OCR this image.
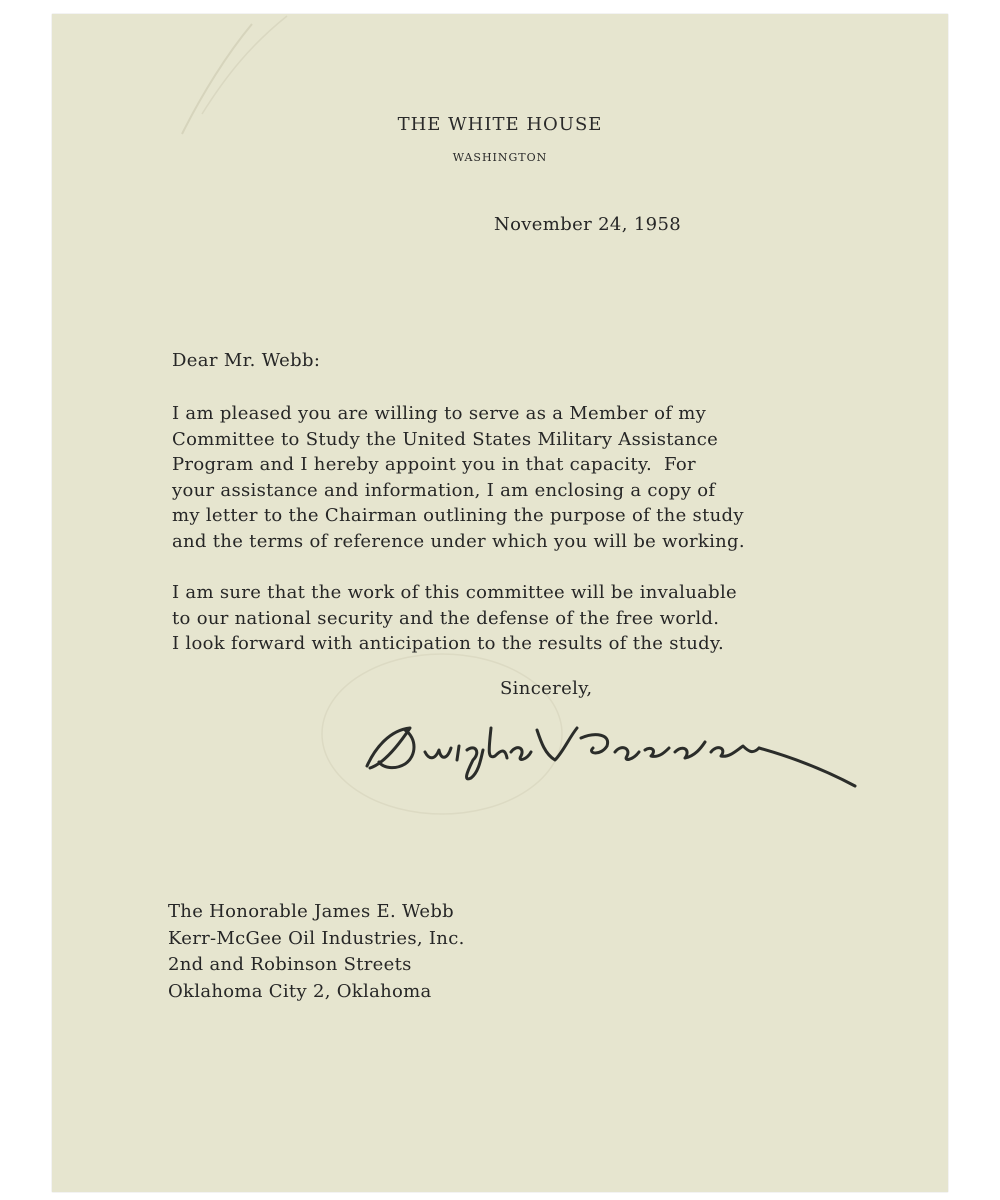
THE WHITE HOUSE
WASHINGTON
November 24, 1958
Dear Mr. Webb:
I am pleased you are willing to serve as a Member of my
Committee to Study the United States Military Assistance
Program and I hereby appoint you in that capacity.  For
your assistance and information, I am enclosing a copy of
my letter to the Chairman outlining the purpose of the study
and the terms of reference under which you will be working.
I am sure that the work of this committee will be invaluable
to our national security and the defense of the free world.
I look forward with anticipation to the results of the study.
Sincerely,
The Honorable James E. Webb
Kerr-McGee Oil Industries, Inc.
2nd and Robinson Streets
Oklahoma City 2, Oklahoma
